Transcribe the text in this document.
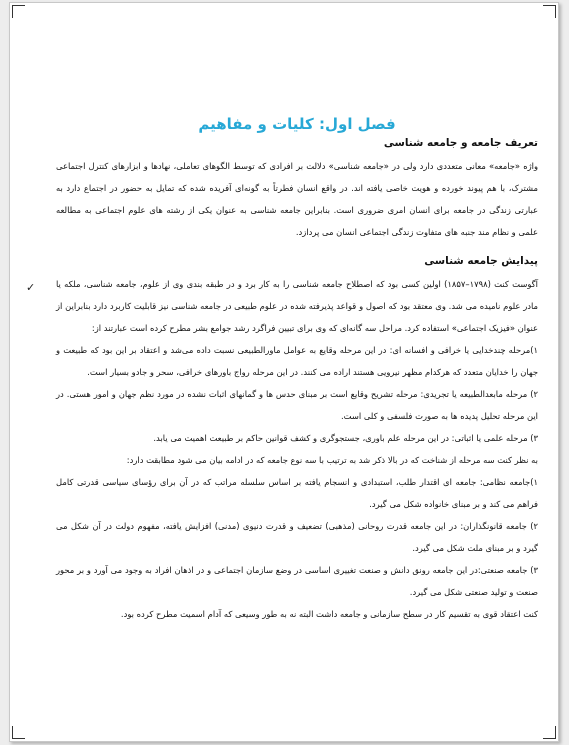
✓
فصل اول: کلیات و مفاهیم
تعریف جامعه و جامعه شناسی

واژه «جامعه» معانی متعددی دارد ولی در «جامعه شناسی» دلالت بر افرادی که توسط الگوهای تعاملی، نهادها و ابزارهای کنترل اجتماعی مشترک، با هم پیوند خورده و هویت خاصی یافته اند. در واقع انسان فطرتاً به گونه‌ای آفریده شده که تمایل به حضور در اجتماع دارد به عبارتی زندگی در جامعه برای انسان امری ضروری است. بنابراین جامعه شناسی به عنوان یکی از رشته های علوم اجتماعی به مطالعه علمی و نظام مند جنبه های متفاوت زندگی اجتماعی انسان می پردازد.

پیدایش جامعه شناسی

آگوست کنت (۱۷۹۸–۱۸۵۷) اولین کسی بود که اصطلاح جامعه شناسی را به کار برد و در طبقه بندی وی از علوم، جامعه شناسی، ملکه یا مادر علوم نامیده می شد. وی معتقد بود که اصول و قواعد پذیرفته شده در علوم طبیعی در جامعه شناسی نیز قابلیت کاربرد دارد بنابراین از عنوان «فیزیک اجتماعی» استفاده کرد. مراحل سه گانه‌ای که وی برای تبیین فراگرد رشد جوامع بشر مطرح کرده است عبارتند از:

۱)مرحله چندخدایی یا خرافی و افسانه ای: در این مرحله وقایع به عوامل ماورالطبیعی نسبت داده می‌شد و اعتقاد بر این بود که طبیعت و جهان را خدایان متعدد که هرکدام مظهر نیرویی هستند اراده می کنند. در این مرحله رواج باورهای خرافی، سحر و جادو بسیار است.

۲) مرحله مابعدالطبیعه یا تجریدی: مرحله تشریح وقایع است بر مبنای حدس ها و گمانهای اثبات نشده در مورد نظم جهان و امور هستی. در این مرحله تحلیل پدیده ها به صورت فلسفی و کلی است.

۳) مرحله علمی یا اثباتی: در این مرحله علم باوری، جستجوگری و کشف قوانین حاکم بر طبیعت اهمیت می یابد.

به نظر کنت سه مرحله از شناخت که در بالا ذکر شد به ترتیب با سه نوع جامعه که در ادامه بیان می شود مطابقت دارد:

۱)جامعه نظامی: جامعه ای اقتدار طلب، استبدادی و انسجام یافته بر اساس سلسله مراتب که در آن برای رؤسای سیاسی قدرتی کامل فراهم می کند و بر مبنای خانواده شکل می گیرد.

۲) جامعه قانونگذاران: در این جامعه قدرت روحانی (مذهبی) تضعیف و قدرت دنیوی (مدنی) افزایش یافته، مفهوم دولت در آن شکل می گیرد و بر مبنای ملت شکل می گیرد.

۳) جامعه صنعتی:در این جامعه رونق دانش و صنعت تغییری اساسی در وضع سازمان اجتماعی و در اذهان افراد به وجود می آورد و بر محور صنعت و تولید صنعتی شکل می گیرد.

کنت اعتقاد قوی به تقسیم کار در سطح سازمانی و جامعه داشت البته نه به طور وسیعی که آدام اسمیت مطرح کرده بود.
